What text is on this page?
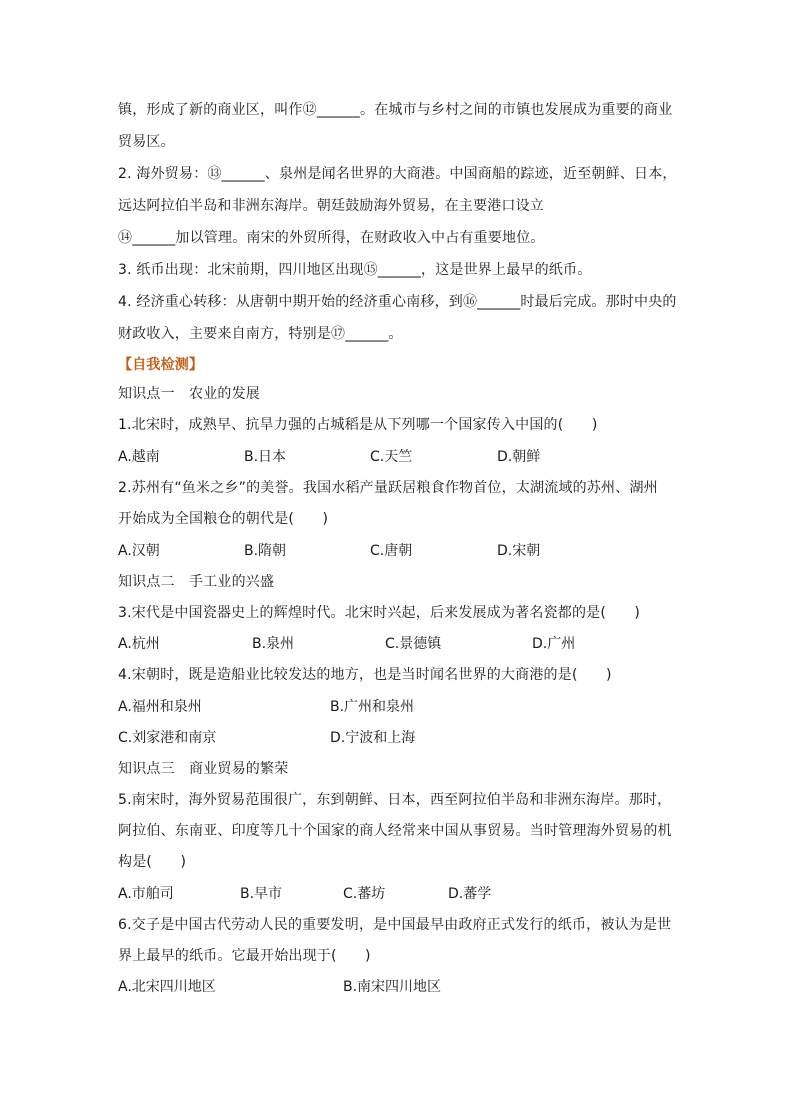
镇，形成了新的商业区，叫作⑫______。在城市与乡村之间的市镇也发展成为重要的商业
贸易区。
2. 海外贸易：⑬______、泉州是闻名世界的大商港。中国商船的踪迹，近至朝鲜、日本，
远达阿拉伯半岛和非洲东海岸。朝廷鼓励海外贸易，在主要港口设立
⑭______加以管理。南宋的外贸所得，在财政收入中占有重要地位。
3. 纸币出现：北宋前期，四川地区出现⑮______，这是世界上最早的纸币。
4. 经济重心转移：从唐朝中期开始的经济重心南移，到⑯______时最后完成。那时中央的
财政收入，主要来自南方，特别是⑰______。
【自我检测】
知识点一　农业的发展
1.北宋时，成熟早、抗旱力强的占城稻是从下列哪一个国家传入中国的(　　)
A.越南	B.日本	C.天竺	D.朝鲜
2.苏州有“鱼米之乡”的美誉。我国水稻产量跃居粮食作物首位，太湖流域的苏州、湖州
开始成为全国粮仓的朝代是(　　)
A.汉朝	B.隋朝	C.唐朝	D.宋朝
知识点二　手工业的兴盛
3.宋代是中国瓷器史上的辉煌时代。北宋时兴起，后来发展成为著名瓷都的是(　　)
A.杭州	B.泉州	C.景德镇	D.广州
4.宋朝时，既是造船业比较发达的地方，也是当时闻名世界的大商港的是(　　)
A.福州和泉州	B.广州和泉州
C.刘家港和南京	D.宁波和上海
知识点三　商业贸易的繁荣
5.南宋时，海外贸易范围很广，东到朝鲜、日本，西至阿拉伯半岛和非洲东海岸。那时，
阿拉伯、东南亚、印度等几十个国家的商人经常来中国从事贸易。当时管理海外贸易的机
构是(　　)
A.市舶司	B.早市	C.蕃坊	D.蕃学
6.交子是中国古代劳动人民的重要发明，是中国最早由政府正式发行的纸币，被认为是世
界上最早的纸币。它最开始出现于(　　)
A.北宋四川地区	B.南宋四川地区
